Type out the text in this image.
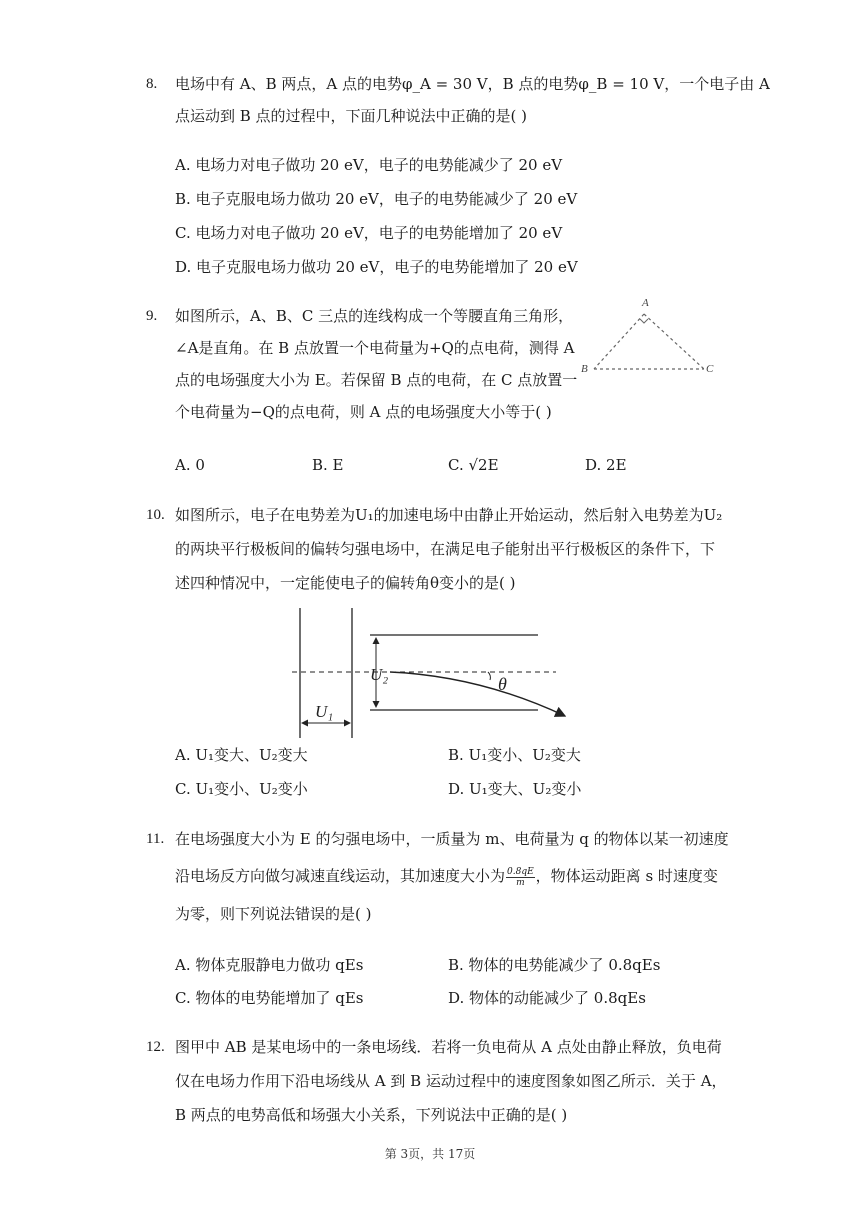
8. 电场中有 A、B 两点，A 点的电势φ_A = 30 V，B 点的电势φ_B = 10 V，一个电子由 A
点运动到 B 点的过程中，下面几种说法中正确的是( )
A. 电场力对电子做功 20 eV，电子的电势能减少了 20 eV
B. 电子克服电场力做功 20 eV，电子的电势能减少了 20 eV
C. 电场力对电子做功 20 eV，电子的电势能增加了 20 eV
D. 电子克服电场力做功 20 eV，电子的电势能增加了 20 eV
9. 如图所示，A、B、C 三点的连线构成一个等腰直角三角形，
∠A是直角。在 B 点放置一个电荷量为+Q的点电荷，测得 A
点的电场强度大小为 E。若保留 B 点的电荷，在 C 点放置一
个电荷量为−Q的点电荷，则 A 点的电场强度大小等于( )
A
B	C
A. 0	B. E	C. √2E	D. 2E
10. 如图所示，电子在电势差为U₁的加速电场中由静止开始运动，然后射入电势差为U₂
的两块平行极板间的偏转匀强电场中，在满足电子能射出平行极板区的条件下，下
述四种情况中，一定能使电子的偏转角θ变小的是( )
U₂
U₁
θ
A. U₁变大、U₂变大	B. U₁变小、U₂变大
C. U₁变小、U₂变小	D. U₁变大、U₂变小
11. 在电场强度大小为 E 的匀强电场中，一质量为 m、电荷量为 q 的物体以某一初速度
沿电场反方向做匀减速直线运动，其加速度大小为 $\frac{0.8qE}{m}$ ，物体运动距离 s 时速度变
为零，则下列说法错误的是( )
A. 物体克服静电力做功 qEs	B. 物体的电势能减少了 0.8qEs
C. 物体的电势能增加了 qEs	D. 物体的动能减少了 0.8qEs
12. 图甲中 AB 是某电场中的一条电场线．若将一负电荷从 A 点处由静止释放，负电荷
仅在电场力作用下沿电场线从 A 到 B 运动过程中的速度图象如图乙所示．关于 A，
B 两点的电势高低和场强大小关系，下列说法中正确的是( )
第 3页，共 17页
